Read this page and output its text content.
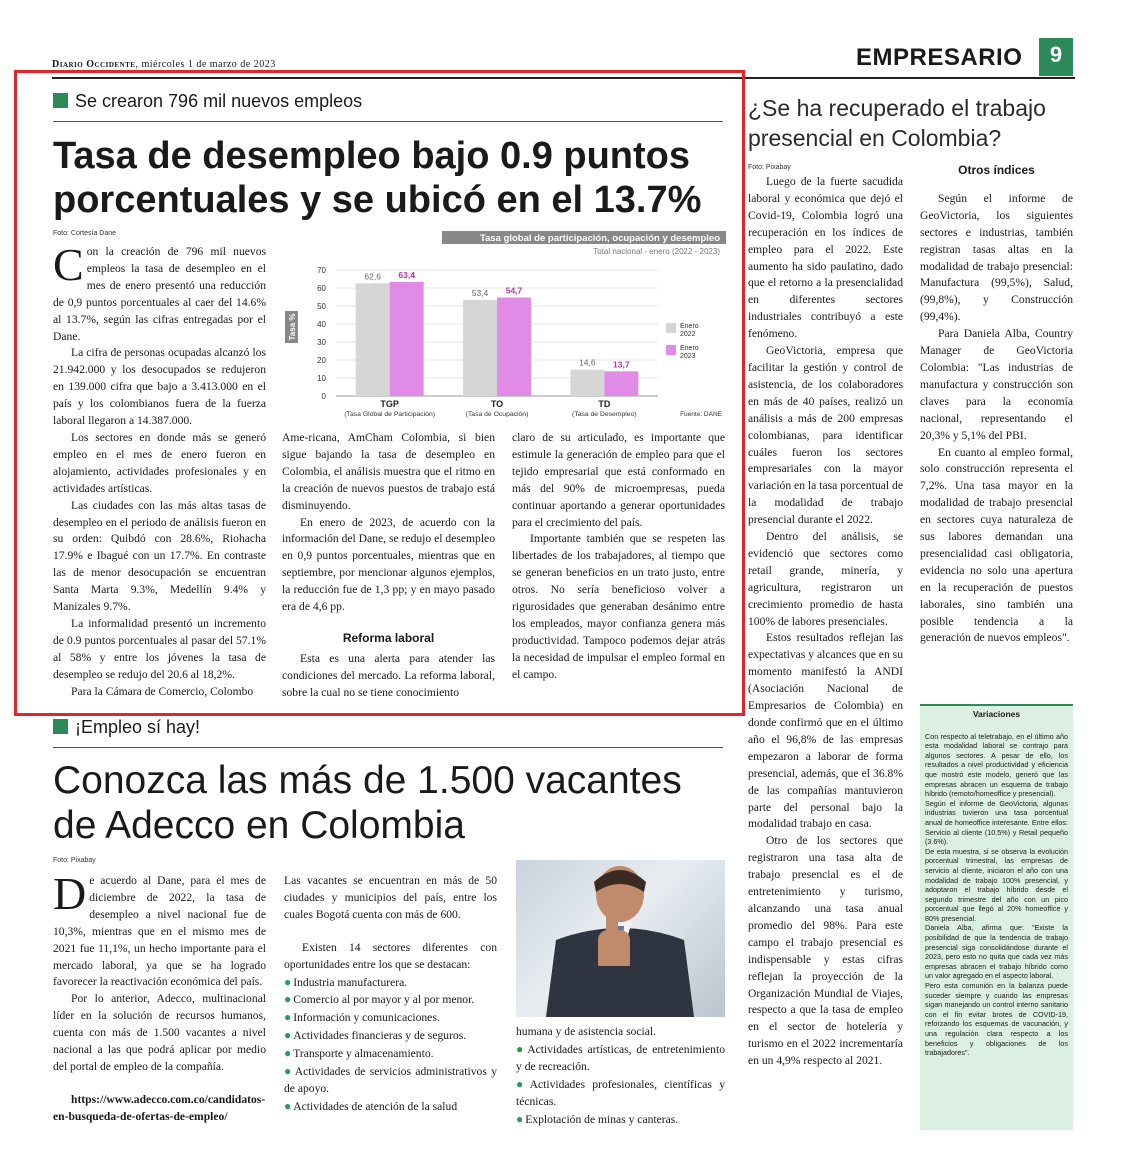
Diario Occidente, miércoles 1 de marzo de 2023	EMPRESARIO	9
Se crearon 796 mil nuevos empleos
Tasa de desempleo bajo 0.9 puntos porcentuales y se ubicó en el 13.7%
Foto: Cortesía Dane

Con la creación de 796 mil nuevos empleos la tasa de desempleo en el mes de enero presentó una reducción de 0,9 puntos porcentuales al caer del 14.6% al 13.7%, según las cifras entregadas por el Dane.

La cifra de personas ocupadas alcanzó los 21.942.000 y los desocupados se redujeron en 139.000 cifra que bajo a 3.413.000 en el país y los colombianos fuera de la fuerza laboral llegaron a 14.387.000.

Los sectores en donde más se generó empleo en el mes de enero fueron en alojamiento, actividades profesionales y en actividades artísticas.

Las ciudades con las más altas tasas de desempleo en el periodo de análisis fueron en su orden: Quibdó con 28.6%, Riohacha 17.9% e Ibagué con un 17.7%. En contraste las de menor desocupación se encuentran Santa Marta 9.3%, Medellín 9.4% y Manizales 9.7%.

La informalidad presentó un incremento de 0.9 puntos porcentuales al pasar del 57.1% al 58% y entre los jóvenes la tasa de desempleo se redujo del 20.6 al 18,2%.

Para la Cámara de Comercio, Colombo

Tasa global de participación, ocupación y desempleo
Total nacional - enero (2022 - 2023)
Tasa %
0
10
20
30
40
50
60
70
62,6 63,4
TGP
(Tasa Global de Participación)
53,4 54,7
TO
(Tasa de Ocupación)
14,6 13,7
TD
(Tasa de Desempleo)
Enero
2022
Enero
2023
Fuente: DANE

Ame-ricana, AmCham Colombia, si bien sigue bajando la tasa de desempleo en Colombia, el análisis muestra que el ritmo en la creación de nuevos puestos de trabajo está disminuyendo.

En enero de 2023, de acuerdo con la información del Dane, se redujo el desempleo en 0,9 puntos porcentuales, mientras que en septiembre, por mencionar algunos ejemplos, la reducción fue de 1,3 pp; y en mayo pasado era de 4,6 pp.

Reforma laboral

Esta es una alerta para atender las condiciones del mercado. La reforma laboral, sobre la cual no se tiene conocimiento

claro de su articulado, es importante que estimule la generación de empleo para que el tejido empresarial que está conformado en más del 90% de microempresas, pueda continuar aportando a generar oportunidades para el crecimiento del país.

Importante también que se respeten las libertades de los trabajadores, al tiempo que se generan beneficios en un trato justo, entre otros. No sería beneficioso volver a rigurosidades que generaban desánimo entre los empleados, mayor confianza genera más productividad. Tampoco podemos dejar atrás la necesidad de impulsar el empleo formal en el campo.

¡Empleo sí hay!
Conozca las más de 1.500 vacantes de Adecco en Colombia
Foto: Pixabay

De acuerdo al Dane, para el mes de diciembre de 2022, la tasa de desempleo a nivel nacional fue de 10,3%, mientras que en el mismo mes de 2021 fue 11,1%, un hecho importante para el mercado laboral, ya que se ha logrado favorecer la reactivación económica del país.

Por lo anterior, Adecco, multinacional líder en la solución de recursos humanos, cuenta con más de 1.500 vacantes a nivel nacional a las que podrá aplicar por medio del portal de empleo de la compañía.

https://www.adecco.com.co/candidatos-en-busqueda-de-ofertas-de-empleo/

Las vacantes se encuentran en más de 50 ciudades y municipios del país, entre los cuales Bogotá cuenta con más de 600.

Existen 14 sectores diferentes con oportunidades entre los que se destacan:

● Industria manufacturera.
● Comercio al por mayor y al por menor.
● Información y comunicaciones.
● Actividades financieras y de seguros.
● Transporte y almacenamiento.
● Actividades de servicios administrativos y de apoyo.
● Actividades de atención de la salud

humana y de asistencia social.

● Actividades artísticas, de entretenimiento y de recreación.
● Actividades profesionales, científicas y técnicas.
● Explotación de minas y canteras.
¿Se ha recuperado el trabajo presencial en Colombia?
Foto: Pixabay

Luego de la fuerte sacudida laboral y económica que dejó el Covid-19, Colombia logró una recuperación en los índices de empleo para el 2022. Este aumento ha sido paulatino, dado que el retorno a la presencialidad en diferentes sectores industriales contribuyó a este fenómeno.

GeoVictoria, empresa que facilitar la gestión y control de asistencia, de los colaboradores en más de 40 países, realizó un análisis a más de 200 empresas colombianas, para identificar cuáles fueron los sectores empresariales con la mayor variación en la tasa porcentual de la modalidad de trabajo presencial durante el 2022.

Dentro del análisis, se evidenció que sectores como retail grande, minería, y agricultura, registraron un crecimiento promedio de hasta 100% de labores presenciales.

Estos resultados reflejan las expectativas y alcances que en su momento manifestó la ANDI (Asociación Nacional de Empresarios de Colombia) en donde confirmó que en el último año el 96,8% de las empresas empezaron a laborar de forma presencial, además, que el 36.8% de las compañías mantuvieron parte del personal bajo la modalidad trabajo en casa.

Otro de los sectores que registraron una tasa alta de trabajo presencial es el de entretenimiento y turismo, alcanzando una tasa anual promedio del 98%. Para este campo el trabajo presencial es indispensable y estas cifras reflejan la proyección de la Organización Mundial de Viajes, respecto a que la tasa de empleo en el sector de hotelería y turismo en el 2022 incrementaría en un 4,9% respecto al 2021.

Otros índices

Según el informe de GeoVictoria, los siguientes sectores e industrias, también registran tasas altas en la modalidad de trabajo presencial: Manufactura (99,5%), Salud, (99,8%), y Construcción (99,4%).

Para Daniela Alba, Country Manager de GeoVictoria Colombia: "Las industrias de manufactura y construcción son claves para la economía nacional, representando el 20,3% y 5,1% del PBI.

En cuanto al empleo formal, solo construcción representa el 7,2%. Una tasa mayor en la modalidad de trabajo presencial en sectores cuya naturaleza de sus labores demandan una presencialidad casi obligatoria, evidencia no solo una apertura en la recuperación de puestos laborales, sino también una posible tendencia a la generación de nuevos empleos".

Variaciones
Con respecto al teletrabajo, en el último año esta modalidad laboral se contrajo para algunos sectores. A pesar de ello, los resultados a nivel productividad y eficiencia que mostró este modelo, generó que las empresas abracen un esquema de trabajo híbrido (remoto/homeoffice y presencial).
Según el informe de GeoVictoria, algunas industrias tuvieron una tasa porcentual anual de homeoffice interesante. Entre ellos: Servicio al cliente (10.5%) y Retail pequeño (3.6%).
De esta muestra, si se observa la evolución porcentual trimestral, las empresas de servicio al cliente, iniciaron el año con una modalidad de trabajo 100% presencial, y adoptaron el trabajo híbrido desde el segundo trimestre del año con un pico porcentual que llegó al 20% homeoffice y 80% presencial.
Daniela Alba, afirma que: "Existe la posibilidad de que la tendencia de trabajo presencial siga consolidándose durante el 2023, pero esto no quita que cada vez más empresas abracen el trabajo híbrido como un valor agregado en el aspecto laboral.
Pero esta comunión en la balanza puede suceder siempre y cuando las empresas sigan manejando un control interno sanitario con el fin evitar brotes de COVID-19, reforzando los esquemas de vacunación, y una regulación clara respecto a los beneficios y obligaciones de los trabajadores".
